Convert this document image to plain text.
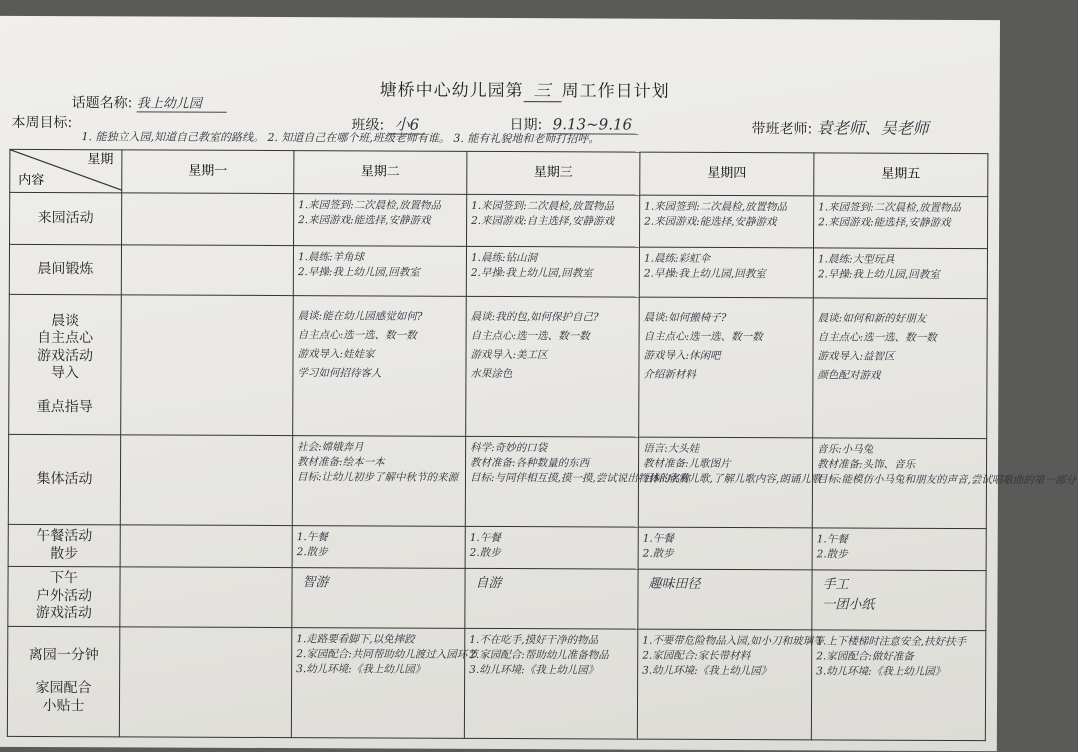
塘桥中心幼儿园第 三 周工作日计划
话题名称: 我上幼儿园
本周目标:
1. 能独立入园,知道自己教室的路线。 2. 知道自己在哪个班,班级老师有谁。 3. 能有礼貌地和老师打招呼。
班级: 小6	日期: 9.13~9.16	带班老师: 袁老师、吴老师
星期
内容	星期一	星期二	星期三	星期四	星期五

来园活动		1.来园签到:二次晨检,放置物品
2.来园游戏:能选择,安静游戏	1.来园签到:二次晨检,放置物品
2.来园游戏:自主选择,安静游戏	1.来园签到:二次晨检,放置物品
2.来园游戏:能选择,安静游戏	1.来园签到:二次晨检,放置物品
2.来园游戏:能选择,安静游戏

晨间锻炼		1.晨练:羊角球
2.早操:我上幼儿园,回教室	1.晨练:钻山洞
2.早操:我上幼儿园,回教室	1.晨练:彩虹伞
2.早操:我上幼儿园,回教室	1.晨练:大型玩具
2.早操:我上幼儿园,回教室

晨谈
自主点心
游戏活动
导入
重点指导		晨谈:能在幼儿园感觉如何?
自主点心:选一选、数一数
游戏导入:娃娃家
学习如何招待客人	晨谈:我的包,如何保护自己?
自主点心:选一选、数一数
游戏导入:美工区
水果涂色	晨谈:如何搬椅子?
自主点心:选一选、数一数
游戏导入:休闲吧
介绍新材料	晨谈:如何和新的好朋友
自主点心:选一选、数一数
游戏导入:益智区
颜色配对游戏

集体活动		社会:嫦娥奔月
教材准备:绘本一本
目标:让幼儿初步了解中秋节的来源	科学:奇妙的口袋
教材准备:各种数量的东西
目标:与同伴相互摸,摸一摸,尝试说出物体的名称	语言:大头娃
教材准备:儿歌图片
目标:欣赏儿歌,了解儿歌内容,朗诵儿歌	音乐:小马兔
教材准备:头饰、音乐
目标:能模仿小马兔和朋友的声音,尝试唱歌曲的第一部分

午餐活动
散步		1.午餐
2.散步	1.午餐
2.散步	1.午餐
2.散步	1.午餐
2.散步

下午
户外活动
游戏活动		智游	自游	趣味田径	手工
一团小纸

离园一分钟
家园配合
小贴士		1.走路要看脚下,以免摔跤
2.家园配合:共同帮助幼儿渡过入园环节
3.幼儿环境:《我上幼儿园》	1.不在吃手,摸好干净的物品
2.家园配合:帮助幼儿准备物品
3.幼儿环境:《我上幼儿园》	1.不要带危险物品入园,如小刀和玻璃等
2.家园配合:家长带材料
3.幼儿环境:《我上幼儿园》	1.上下楼梯时注意安全,扶好扶手
2.家园配合:做好准备
3.幼儿环境:《我上幼儿园》
